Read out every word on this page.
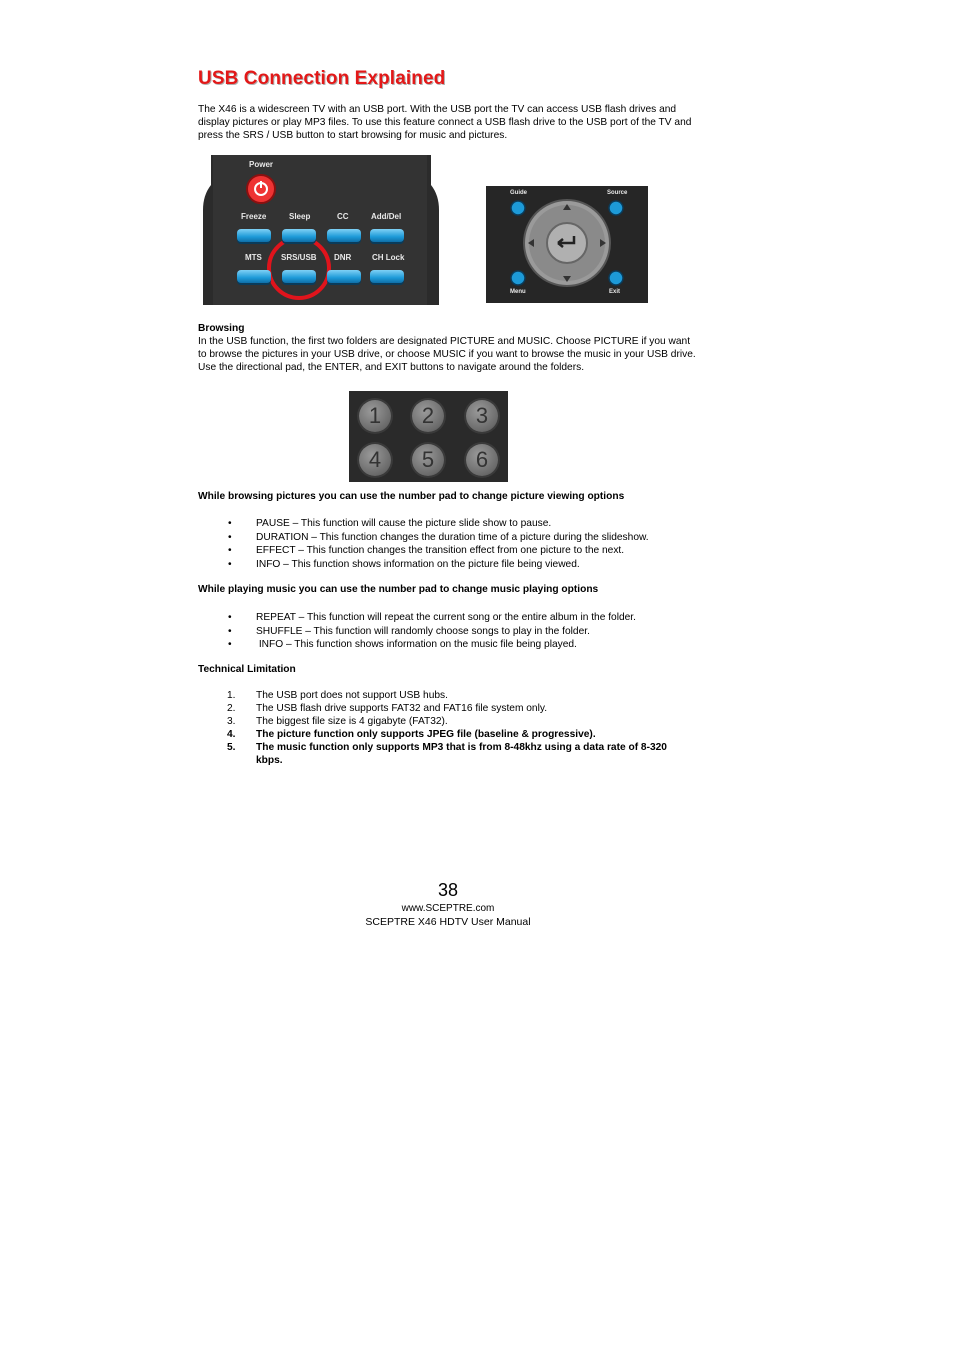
USB Connection Explained

The X46 is a widescreen TV with an USB port. With the USB port the TV can access USB flash drives and display pictures or play MP3 files. To use this feature connect a USB flash drive to the USB port of the TV and press the SRS / USB button to start browsing for music and pictures.

Power
Freeze	Sleep	CC	Add/Del
MTS SRS/USB DNR	CH Lock
Guide	Source
Menu	Exit

Browsing

In the USB function, the first two folders are designated PICTURE and MUSIC. Choose PICTURE if you want to browse the pictures in your USB drive, or choose MUSIC if you want to browse the music in your USB drive. Use the directional pad, the ENTER, and EXIT buttons to navigate around the folders.

1	2	3
4	5	6

While browsing pictures you can use the number pad to change picture viewing options

• PAUSE – This function will cause the picture slide show to pause.
• DURATION – This function changes the duration time of a picture during the slideshow.
• EFFECT – This function changes the transition effect from one picture to the next.
• INFO – This function shows information on the picture file being viewed.

While playing music you can use the number pad to change music playing options

• REPEAT – This function will repeat the current song or the entire album in the folder.
• SHUFFLE – This function will randomly choose songs to play in the folder.
• INFO – This function shows information on the music file being played.

Technical Limitation

1. The USB port does not support USB hubs.
2. The USB flash drive supports FAT32 and FAT16 file system only.
3. The biggest file size is 4 gigabyte (FAT32).
4. The picture function only supports JPEG file (baseline & progressive).
5. The music function only supports MP3 that is from 8-48khz using a data rate of 8-320 kbps.
38
www.SCEPTRE.com
SCEPTRE X46 HDTV User Manual
